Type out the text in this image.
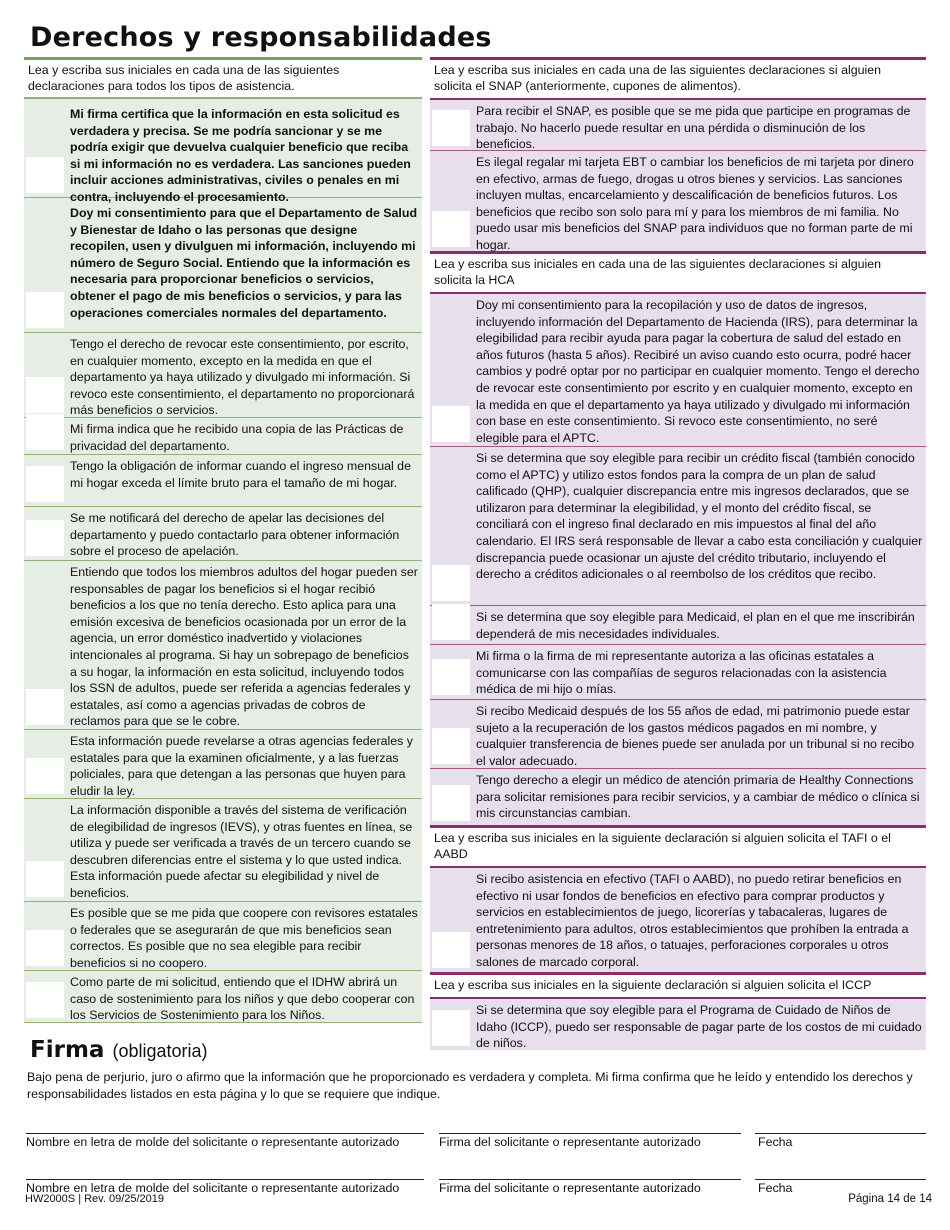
Derechos y responsabilidades
Lea y escriba sus iniciales en cada una de las siguientes declaraciones para todos los tipos de asistencia.
Mi firma certifica que la información en esta solicitud es verdadera y precisa. Se me podría sancionar y se me podría exigir que devuelva cualquier beneficio que reciba si mi información no es verdadera. Las sanciones pueden incluir acciones administrativas, civiles o penales en mi contra, incluyendo el procesamiento.
Doy mi consentimiento para que el Departamento de Salud y Bienestar de Idaho o las personas que designe recopilen, usen y divulguen mi información, incluyendo mi número de Seguro Social. Entiendo que la información es necesaria para proporcionar beneficios o servicios, obtener el pago de mis beneficios o servicios, y para las operaciones comerciales normales del departamento.
Tengo el derecho de revocar este consentimiento, por escrito, en cualquier momento, excepto en la medida en que el departamento ya haya utilizado y divulgado mi información. Si revoco este consentimiento, el departamento no proporcionará más beneficios o servicios.
Mi firma indica que he recibido una copia de las Prácticas de privacidad del departamento.
Tengo la obligación de informar cuando el ingreso mensual de mi hogar exceda el límite bruto para el tamaño de mi hogar.
Se me notificará del derecho de apelar las decisiones del departamento y puedo contactarlo para obtener información sobre el proceso de apelación.
Entiendo que todos los miembros adultos del hogar pueden ser responsables de pagar los beneficios si el hogar recibió beneficios a los que no tenía derecho. Esto aplica para una emisión excesiva de beneficios ocasionada por un error de la agencia, un error doméstico inadvertido y violaciones intencionales al programa. Si hay un sobrepago de beneficios a su hogar, la información en esta solicitud, incluyendo todos los SSN de adultos, puede ser referida a agencias federales y estatales, así como a agencias privadas de cobros de reclamos para que se le cobre.
Esta información puede revelarse a otras agencias federales y estatales para que la examinen oficialmente, y a las fuerzas policiales, para que detengan a las personas que huyen para eludir la ley.
La información disponible a través del sistema de verificación de elegibilidad de ingresos (IEVS), y otras fuentes en línea, se utiliza y puede ser verificada a través de un tercero cuando se descubren diferencias entre el sistema y lo que usted indica. Esta información puede afectar su elegibilidad y nivel de beneficios.
Es posible que se me pida que coopere con revisores estatales o federales que se asegurarán de que mis beneficios sean correctos. Es posible que no sea elegible para recibir beneficios si no coopero.
Como parte de mi solicitud, entiendo que el IDHW abrirá un caso de sostenimiento para los niños y que debo cooperar con los Servicios de Sostenimiento para los Niños.
Lea y escriba sus iniciales en cada una de las siguientes declaraciones si alguien solicita el SNAP (anteriormente, cupones de alimentos).
Para recibir el SNAP, es posible que se me pida que participe en programas de trabajo. No hacerlo puede resultar en una pérdida o disminución de los beneficios.
Es ilegal regalar mi tarjeta EBT o cambiar los beneficios de mi tarjeta por dinero en efectivo, armas de fuego, drogas u otros bienes y servicios. Las sanciones incluyen multas, encarcelamiento y descalificación de beneficios futuros. Los beneficios que recibo son solo para mí y para los miembros de mi familia. No puedo usar mis beneficios del SNAP para individuos que no forman parte de mi hogar.
Lea y escriba sus iniciales en cada una de las siguientes declaraciones si alguien solicita la HCA
Doy mi consentimiento para la recopilación y uso de datos de ingresos, incluyendo información del Departamento de Hacienda (IRS), para determinar la elegibilidad para recibir ayuda para pagar la cobertura de salud del estado en años futuros (hasta 5 años). Recibiré un aviso cuando esto ocurra, podré hacer cambios y podré optar por no participar en cualquier momento. Tengo el derecho de revocar este consentimiento por escrito y en cualquier momento, excepto en la medida en que el departamento ya haya utilizado y divulgado mi información con base en este consentimiento. Si revoco este consentimiento, no seré elegible para el APTC.
Si se determina que soy elegible para recibir un crédito fiscal (también conocido como el APTC) y utilizo estos fondos para la compra de un plan de salud calificado (QHP), cualquier discrepancia entre mis ingresos declarados, que se utilizaron para determinar la elegibilidad, y el monto del crédito fiscal, se conciliará con el ingreso final declarado en mis impuestos al final del año calendario. El IRS será responsable de llevar a cabo esta conciliación y cualquier discrepancia puede ocasionar un ajuste del crédito tributario, incluyendo el derecho a créditos adicionales o al reembolso de los créditos que recibo.
Si se determina que soy elegible para Medicaid, el plan en el que me inscribirán dependerá de mis necesidades individuales.
Mi firma o la firma de mi representante autoriza a las oficinas estatales a comunicarse con las compañías de seguros relacionadas con la asistencia médica de mi hijo o mías.
Si recibo Medicaid después de los 55 años de edad, mi patrimonio puede estar sujeto a la recuperación de los gastos médicos pagados en mi nombre, y cualquier transferencia de bienes puede ser anulada por un tribunal si no recibo el valor adecuado.
Tengo derecho a elegir un médico de atención primaria de Healthy Connections para solicitar remisiones para recibir servicios, y a cambiar de médico o clínica si mis circunstancias cambian.
Lea y escriba sus iniciales en la siguiente declaración si alguien solicita el TAFI o el AABD
Si recibo asistencia en efectivo (TAFI o AABD), no puedo retirar beneficios en efectivo ni usar fondos de beneficios en efectivo para comprar productos y servicios en establecimientos de juego, licorerías y tabacaleras, lugares de entretenimiento para adultos, otros establecimientos que prohíben la entrada a personas menores de 18 años, o tatuajes, perforaciones corporales u otros salones de marcado corporal.
Lea y escriba sus iniciales en la siguiente declaración si alguien solicita el ICCP
Si se determina que soy elegible para el Programa de Cuidado de Niños de Idaho (ICCP), puedo ser responsable de pagar parte de los costos de mi cuidado de niños.
Firma (obligatoria)
Bajo pena de perjurio, juro o afirmo que la información que he proporcionado es verdadera y completa. Mi firma confirma que he leído y entendido los derechos y responsabilidades listados en esta página y lo que se requiere que indique.
Nombre en letra de molde del solicitante o representante autorizado	Firma del solicitante o representante autorizado	Fecha
Nombre en letra de molde del solicitante o representante autorizado	Firma del solicitante o representante autorizado	Fecha
HW2000S | Rev. 09/25/2019	Página 14 de 14
